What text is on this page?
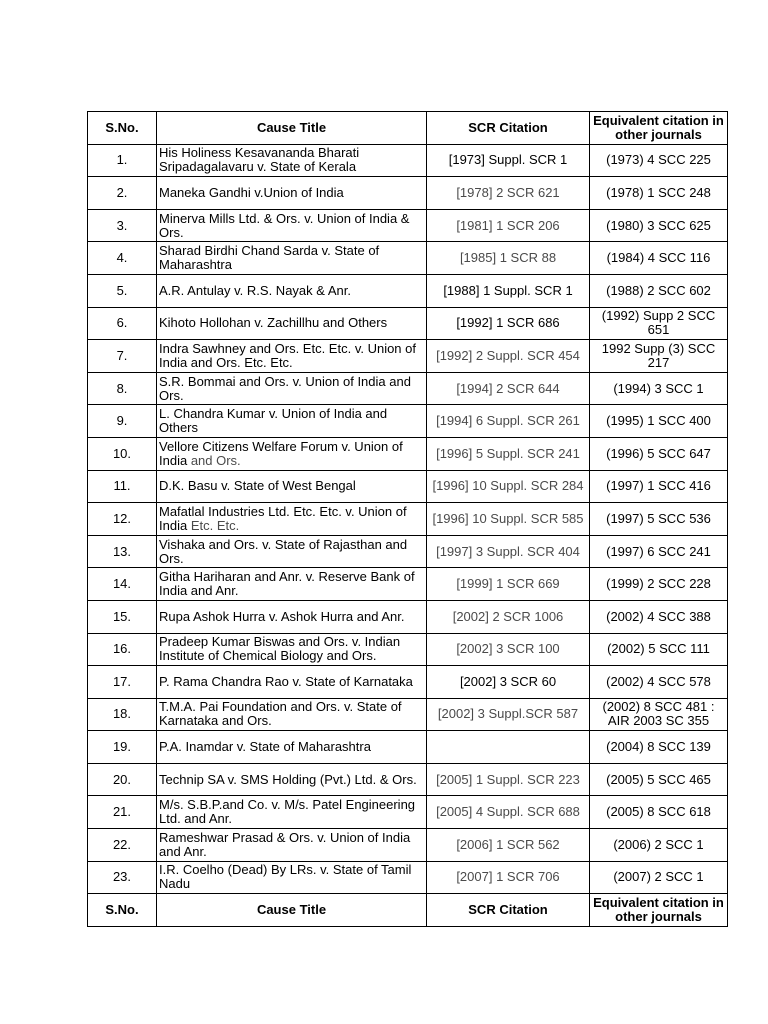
S.No.	Cause Title	SCR Citation	Equivalent citation in other journals
1.	His Holiness Kesavananda Bharati Sripadagalavaru v. State of Kerala	[1973] Suppl. SCR 1	(1973) 4 SCC 225
2.	Maneka Gandhi v.Union of India	[1978] 2 SCR 621	(1978) 1 SCC 248
3.	Minerva Mills Ltd. & Ors. v. Union of India & Ors.	[1981] 1 SCR 206	(1980) 3 SCC 625
4.	Sharad Birdhi Chand Sarda v. State of Maharashtra	[1985] 1 SCR 88	(1984) 4 SCC 116
5.	A.R. Antulay v. R.S. Nayak & Anr.	[1988] 1 Suppl. SCR 1	(1988) 2 SCC 602
6.	Kihoto Hollohan v. Zachillhu and Others	[1992] 1 SCR 686	(1992) Supp 2 SCC 651
7.	Indra Sawhney and Ors. Etc. Etc. v. Union of India and Ors. Etc. Etc.	[1992] 2 Suppl. SCR 454	1992 Supp (3) SCC 217
8.	S.R. Bommai and Ors. v. Union of India and Ors.	[1994] 2 SCR 644	(1994) 3 SCC 1
9.	L. Chandra Kumar v. Union of India and Others	[1994] 6 Suppl. SCR 261	(1995) 1 SCC 400
10.	Vellore Citizens Welfare Forum v. Union of India and Ors.	[1996] 5 Suppl. SCR 241	(1996) 5 SCC 647
11.	D.K. Basu v. State of West Bengal	[1996] 10 Suppl. SCR 284	(1997) 1 SCC 416
12.	Mafatlal Industries Ltd. Etc. Etc. v. Union of India Etc. Etc.	[1996] 10 Suppl. SCR 585	(1997) 5 SCC 536
13.	Vishaka and Ors. v. State of Rajasthan and Ors.	[1997] 3 Suppl. SCR 404	(1997) 6 SCC 241
14.	Githa Hariharan and Anr. v. Reserve Bank of India and Anr.	[1999] 1 SCR 669	(1999) 2 SCC 228
15.	Rupa Ashok Hurra v. Ashok Hurra and Anr.	[2002] 2 SCR 1006	(2002) 4 SCC 388
16.	Pradeep Kumar Biswas and Ors. v. Indian Institute of Chemical Biology and Ors.	[2002] 3 SCR 100	(2002) 5 SCC 111
17.	P. Rama Chandra Rao v. State of Karnataka	[2002] 3 SCR 60	(2002) 4 SCC 578
18.	T.M.A. Pai Foundation and Ors. v. State of Karnataka and Ors.	[2002] 3 Suppl.SCR 587	(2002) 8 SCC 481 : AIR 2003 SC 355
19.	P.A. Inamdar v. State of Maharashtra		(2004) 8 SCC 139
20.	Technip SA v. SMS Holding (Pvt.) Ltd. & Ors.	[2005] 1 Suppl. SCR 223	(2005) 5 SCC 465
21.	M/s. S.B.P.and Co. v. M/s. Patel Engineering Ltd. and Anr.	[2005] 4 Suppl. SCR 688	(2005) 8 SCC 618
22.	Rameshwar Prasad & Ors. v. Union of India and Anr.	[2006] 1 SCR 562	(2006) 2 SCC 1
23.	I.R. Coelho (Dead) By LRs. v. State of Tamil Nadu	[2007] 1 SCR 706	(2007) 2 SCC 1
S.No.	Cause Title	SCR Citation	Equivalent citation in other journals
